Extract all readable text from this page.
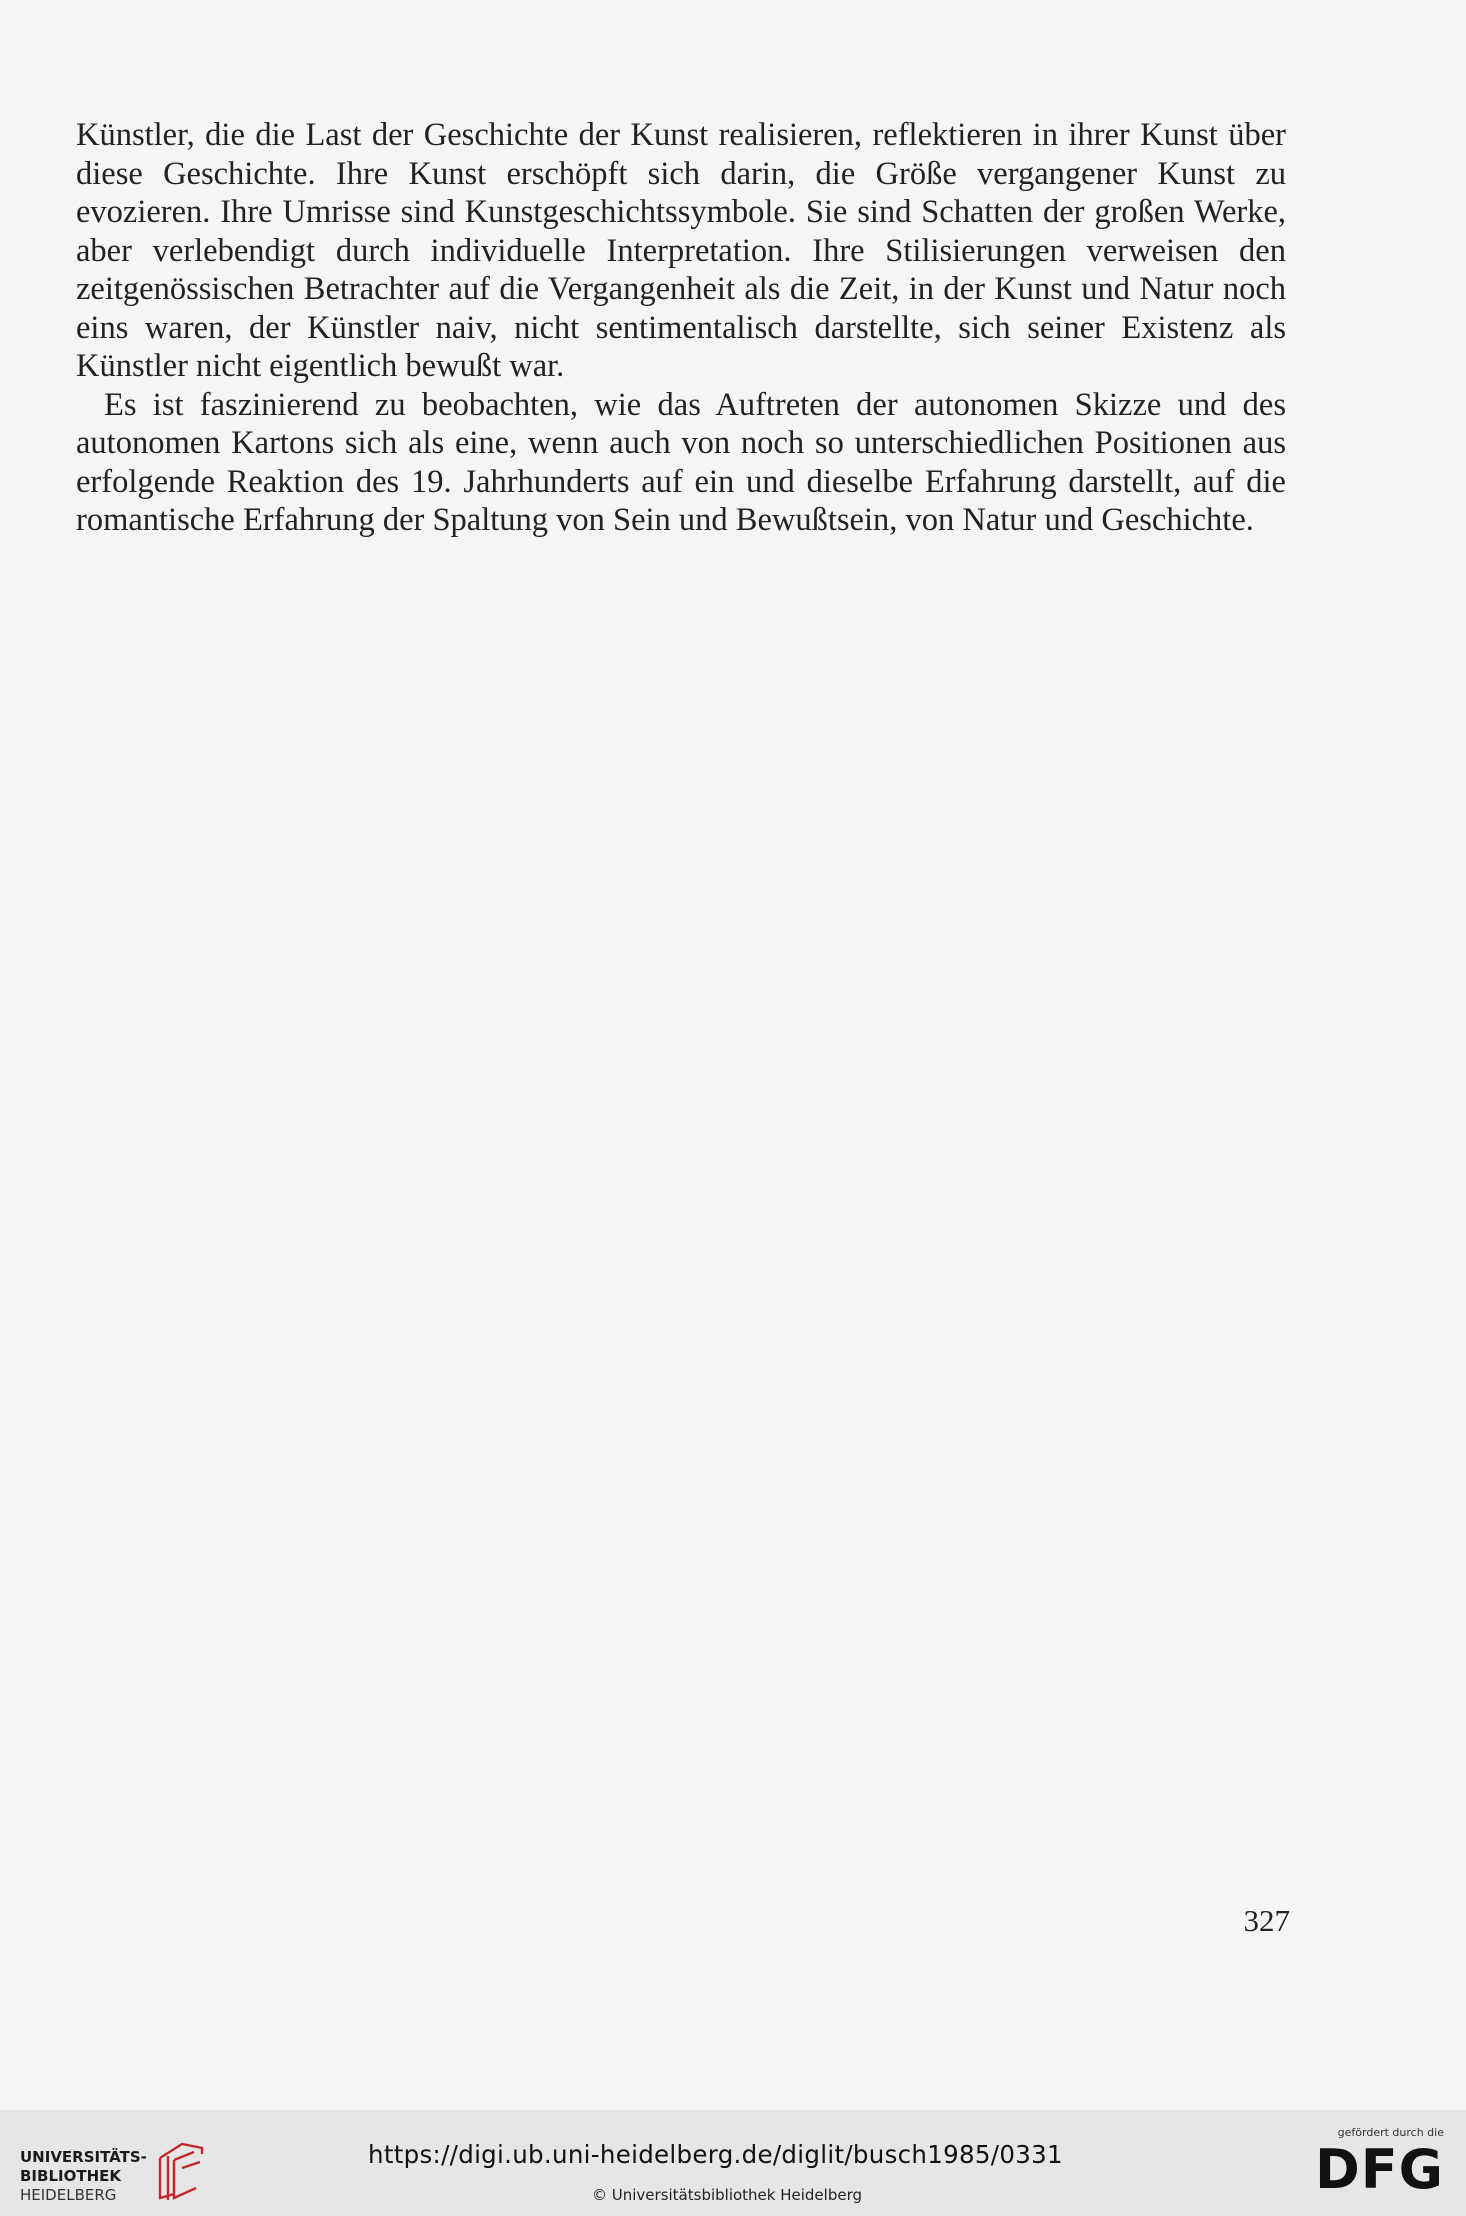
Künstler, die die Last der Geschichte der Kunst realisieren, reflektieren in ihrer Kunst über diese Geschichte. Ihre Kunst erschöpft sich darin, die Größe vergangener Kunst zu evozieren. Ihre Umrisse sind Kunstgeschichtssymbole. Sie sind Schatten der großen Werke, aber verlebendigt durch individuelle Interpretation. Ihre Stilisierungen verweisen den zeitgenössischen Betrachter auf die Vergangenheit als die Zeit, in der Kunst und Natur noch eins waren, der Künstler naiv, nicht sentimentalisch darstellte, sich seiner Existenz als Künstler nicht eigentlich bewußt war.

Es ist faszinierend zu beobachten, wie das Auftreten der autonomen Skizze und des autonomen Kartons sich als eine, wenn auch von noch so unterschiedlichen Positionen aus erfolgende Reaktion des 19. Jahrhunderts auf ein und dieselbe Erfahrung darstellt, auf die romantische Erfahrung der Spaltung von Sein und Bewußtsein, von Natur und Geschichte.

327
UNIVERSITÄTS-
BIBLIOTHEK
HEIDELBERG
https://digi.ub.uni-heidelberg.de/diglit/busch1985/0331
© Universitätsbibliothek Heidelberg
gefördert durch die
DFG
